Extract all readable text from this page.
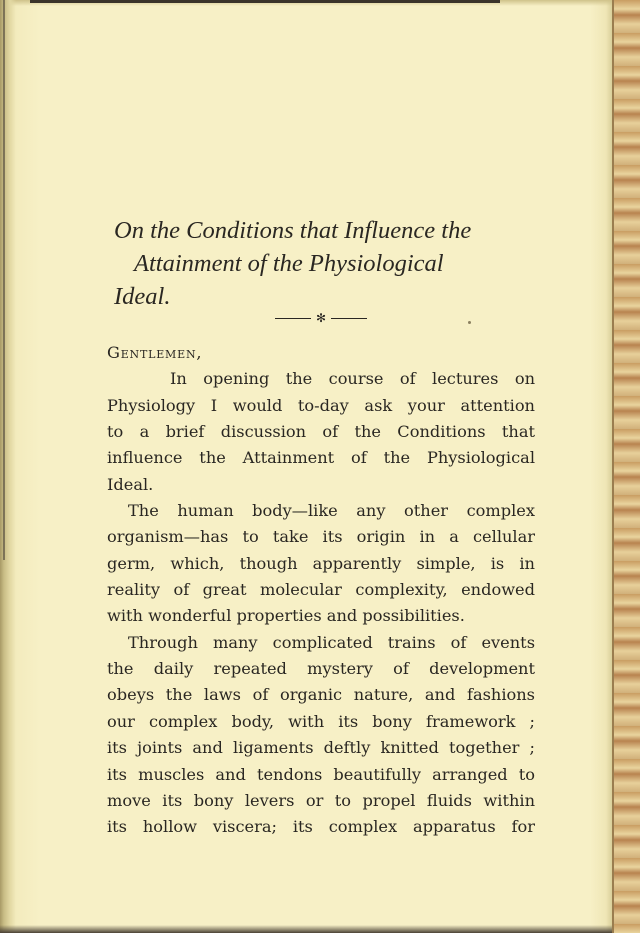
On the Conditions that Influence the
Attainment of the Physiological
Ideal.
✻

Gentlemen,

In opening the course of lectures on
Physiology I would to-day ask your attention
to a brief discussion of the Conditions that
influence the Attainment of the Physiological
Ideal.

The human body—like any other complex
organism—has to take its origin in a cellular
germ, which, though apparently simple, is in
reality of great molecular complexity, endowed
with wonderful properties and possibilities.

Through many complicated trains of events
the daily repeated mystery of development
obeys the laws of organic nature, and fashions
our complex body, with its bony framework ;
its joints and ligaments deftly knitted together ;
its muscles and tendons beautifully arranged to
move its bony levers or to propel fluids within
its hollow viscera; its complex apparatus for
